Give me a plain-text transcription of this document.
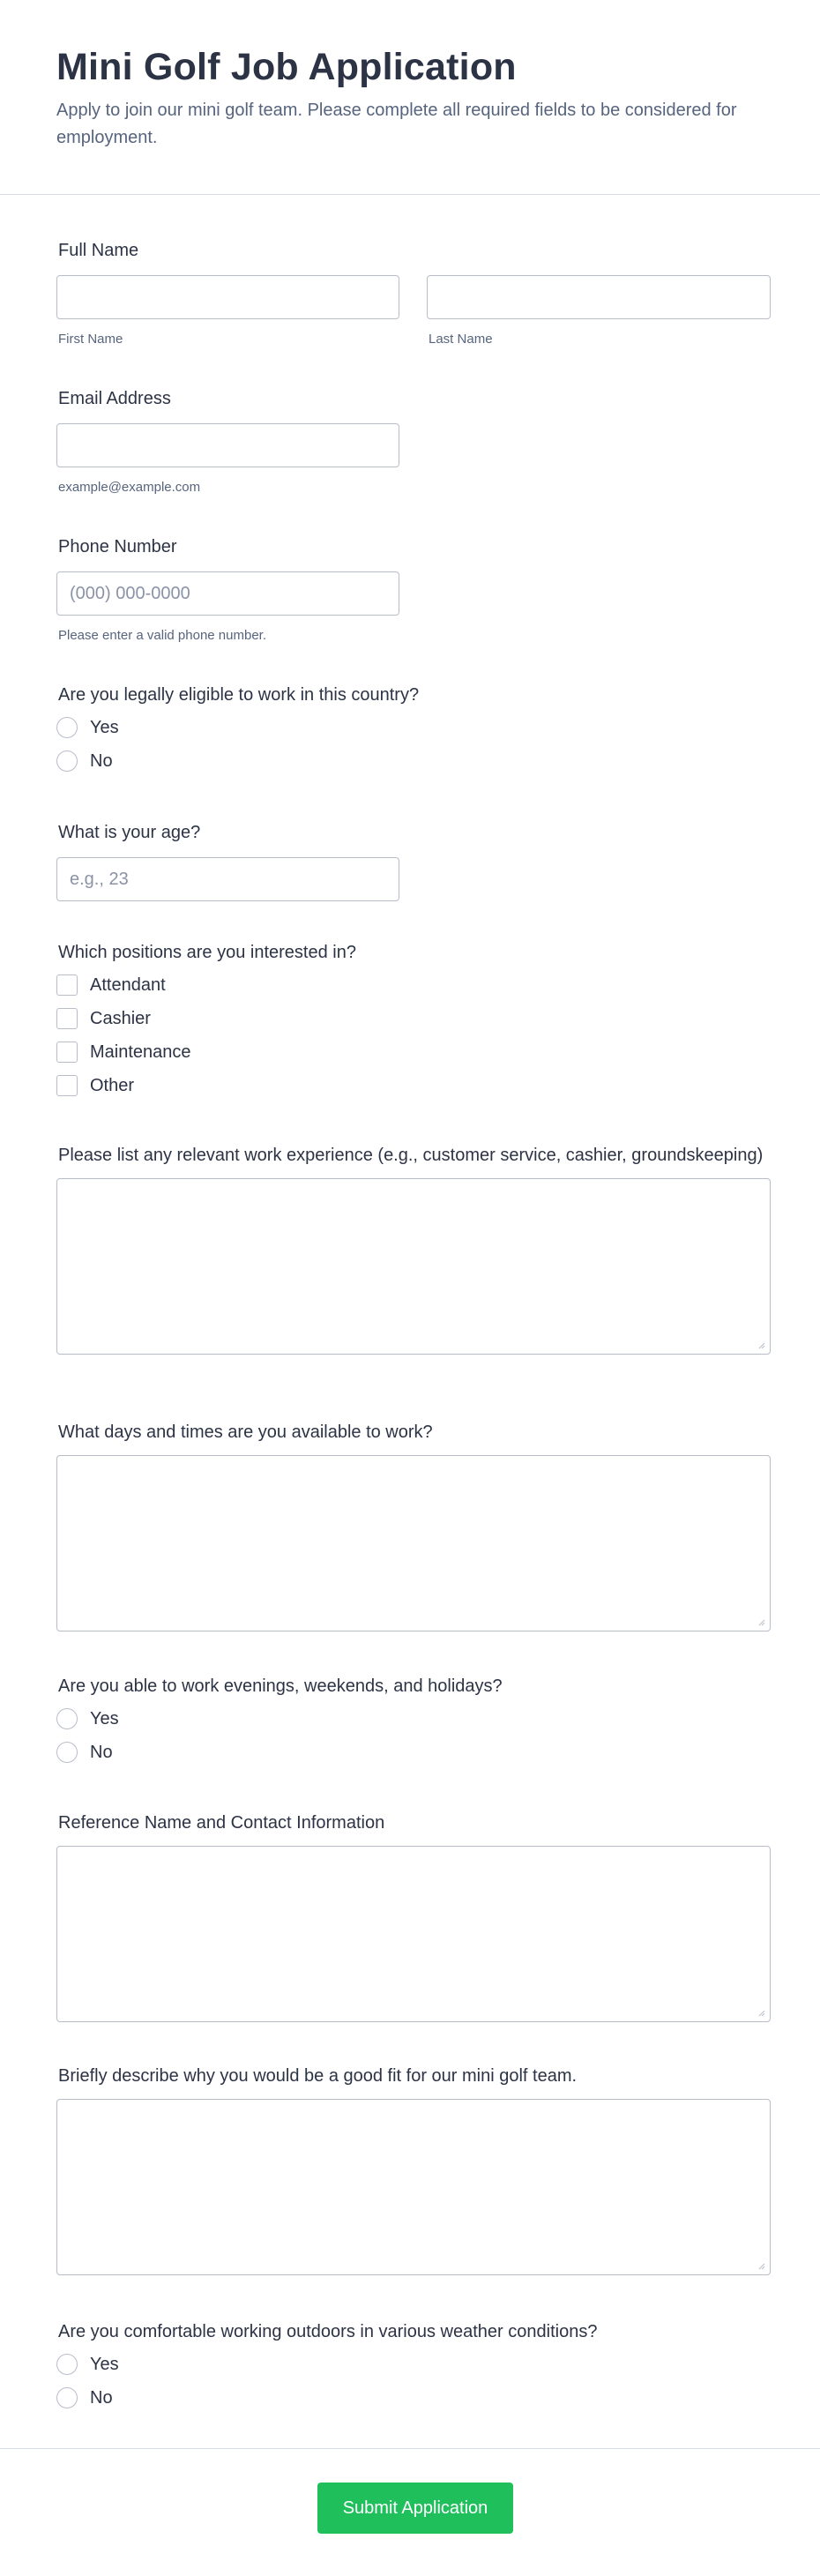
Mini Golf Job Application

Apply to join our mini golf team. Please complete all required fields to be considered for employment.

Full Name
First Name	Last Name
Email Address
example@example.com
Phone Number
(000) 000-0000
Please enter a valid phone number.
Are you legally eligible to work in this country?
Yes
No
What is your age?
e.g., 23
Which positions are you interested in?
Attendant
Cashier
Maintenance
Other
Please list any relevant work experience (e.g., customer service, cashier, groundskeeping)
What days and times are you available to work?
Are you able to work evenings, weekends, and holidays?
Yes
No
Reference Name and Contact Information
Briefly describe why you would be a good fit for our mini golf team.
Are you comfortable working outdoors in various weather conditions?
Yes
No
Submit Application
